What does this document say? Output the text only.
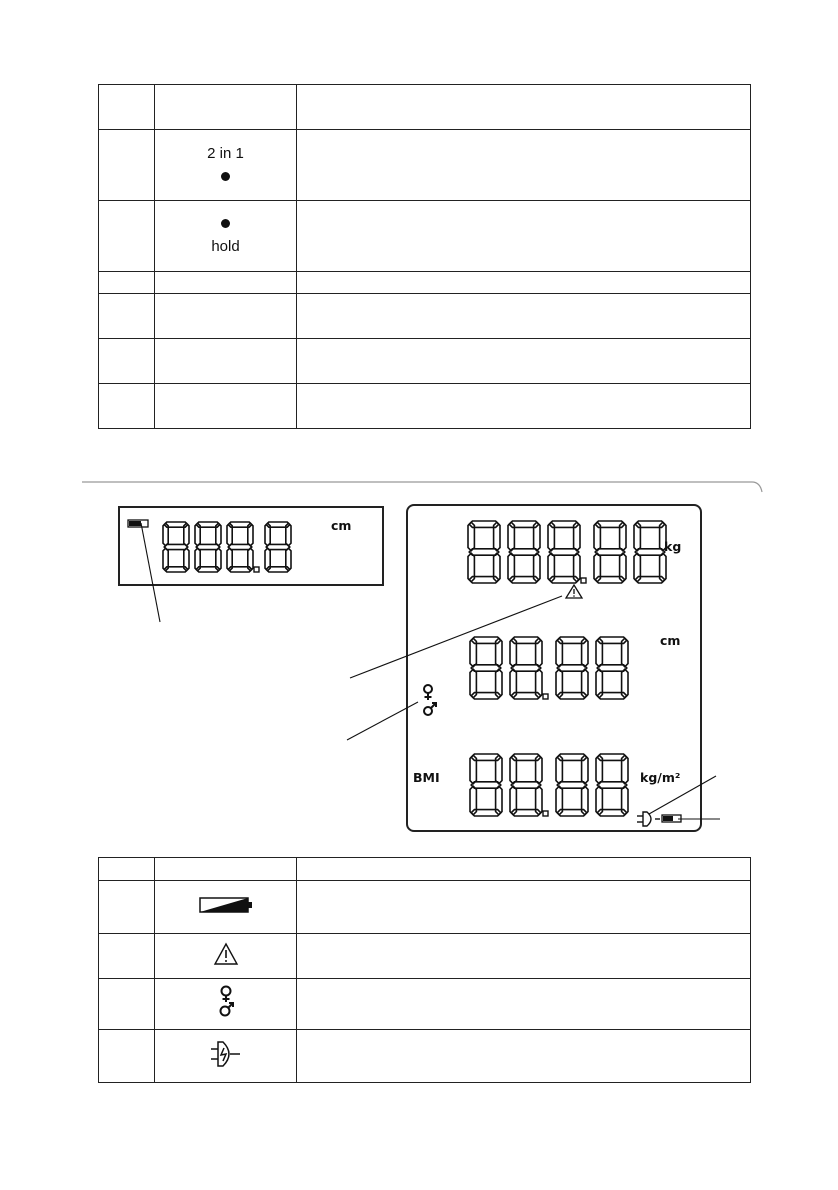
	2 in 1	

	hold	

cm
kg
cm
BMI	kg/m²
